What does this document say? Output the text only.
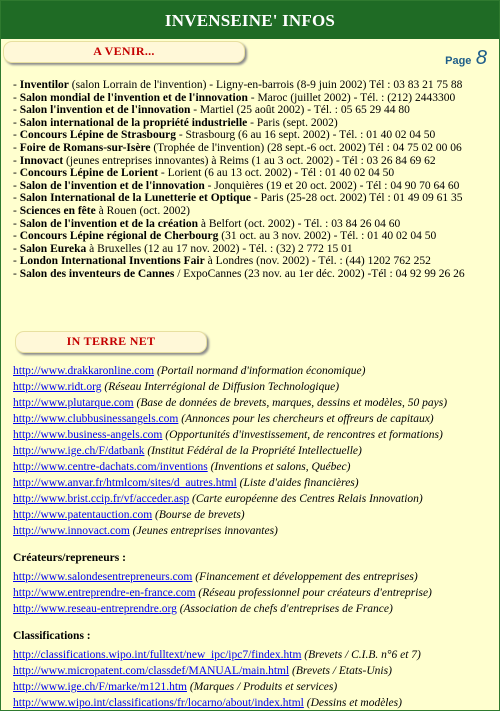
INVENSEINE' INFOS
A VENIR...
Page 8
- Inventilor (salon Lorrain de l'invention) - Ligny-en-barrois (8-9 juin 2002) Tél : 03 83 21 75 88
- Salon mondial de l'invention et de l'innovation - Maroc (juillet 2002) - Tél. : (212) 2443300
- Salon l'invention et de l'innovation - Martiel (25 août 2002) - Tél. : 05 65 29 44 80
- Salon international de la propriété industrielle - Paris (sept. 2002)
- Concours Lépine de Strasbourg - Strasbourg (6 au 16 sept. 2002) - Tél. : 01 40 02 04 50
- Foire de Romans-sur-Isère (Trophée de l'invention) (28 sept.-6 oct. 2002) Tél : 04 75 02 00 06
- Innovact (jeunes entreprises innovantes) à Reims (1 au 3 oct. 2002) - Tél : 03 26 84 69 62
- Concours Lépine de Lorient - Lorient (6 au 13 oct. 2002) - Tél : 01 40 02 04 50
- Salon de l'invention et de l'innovation - Jonquières (19 et 20 oct. 2002) - Tél : 04 90 70 64 60
- Salon International de la Lunetterie et Optique - Paris (25-28 oct. 2002) Tél : 01 49 09 61 35
- Sciences en fête à Rouen (oct. 2002)
- Salon de l'invention et de la création à Belfort (oct. 2002) - Tél. : 03 84 26 04 60
- Concours Lépine régional de Cherbourg (31 oct. au 3 nov. 2002) - Tél. : 01 40 02 04 50
- Salon Eureka à Bruxelles (12 au 17 nov. 2002) - Tél. : (32) 2 772 15 01
- London International Inventions Fair à Londres (nov. 2002) - Tél. : (44) 1202 762 252
- Salon des inventeurs de Cannes / ExpoCannes (23 nov. au 1er déc. 2002) -Tél : 04 92 99 26 26
IN TERRE NET
http://www.drakkaronline.com (Portail normand d'information économique)
http://www.ridt.org (Réseau Interrégional de Diffusion Technologique)
http://www.plutarque.com (Base de données de brevets, marques, dessins et modèles, 50 pays)
http://www.clubbusinessangels.com (Annonces pour les chercheurs et offreurs de capitaux)
http://www.business-angels.com (Opportunités d'investissement, de rencontres et formations)
http://www.ige.ch/F/datbank (Institut Fédéral de la Propriété Intellectuelle)
http://www.centre-dachats.com/inventions (Inventions et salons, Québec)
http://www.anvar.fr/htmlcom/sites/d_autres.html (Liste d'aides financières)
http://www.brist.ccip.fr/vf/acceder.asp (Carte européenne des Centres Relais Innovation)
http://www.patentauction.com (Bourse de brevets)
http://www.innovact.com (Jeunes entreprises innovantes)
Créateurs/repreneurs :
http://www.salondesentrepreneurs.com (Financement et développement des entreprises)
http://www.entreprendre-en-france.com (Réseau professionnel pour créateurs d'entreprise)
http://www.reseau-entreprendre.org (Association de chefs d'entreprises de France)
Classifications :
http://classifications.wipo.int/fulltext/new_ipc/ipc7/findex.htm (Brevets / C.I.B. n°6 et 7)
http://www.micropatent.com/classdef/MANUAL/main.html (Brevets / Etats-Unis)
http://www.ige.ch/F/marke/m121.htm (Marques / Produits et services)
http://www.wipo.int/classifications/fr/locarno/about/index.html (Dessins et modèles)
